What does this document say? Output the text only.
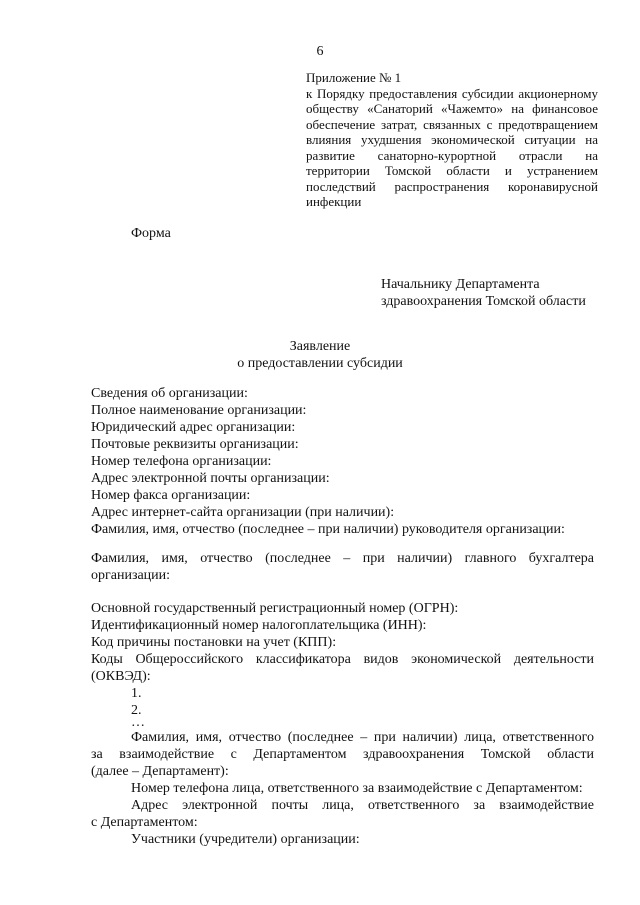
6
Приложение № 1
к Порядку предоставления субсидии акционерному обществу «Санаторий «Чажемто» на финансовое обеспечение затрат, связанных с предотвращением влияния ухудшения экономической ситуации на развитие санаторно-курортной отрасли на территории Томской области и устранением последствий распространения коронавирусной инфекции
Форма
Начальнику Департамента
здравоохранения Томской области
Заявление
о предоставлении субсидии
Сведения об организации:
Полное наименование организации:
Юридический адрес организации:
Почтовые реквизиты организации:
Номер телефона организации:
Адрес электронной почты организации:
Номер факса организации:
Адрес интернет-сайта организации (при наличии):
Фамилия, имя, отчество (последнее – при наличии) руководителя организации:
Фамилия, имя, отчество (последнее – при наличии) главного бухгалтера
организации:
Основной государственный регистрационный номер (ОГРН):
Идентификационный номер налогоплательщика (ИНН):
Код причины постановки на учет (КПП):
Коды Общероссийского классификатора видов экономической деятельности
(ОКВЭД):
1.
2.
…
Фамилия, имя, отчество (последнее – при наличии) лица, ответственного
за взаимодействие с Департаментом здравоохранения Томской области
(далее – Департамент):
Номер телефона лица, ответственного за взаимодействие с Департаментом:
Адрес электронной почты лица, ответственного за взаимодействие
с Департаментом:
Участники (учредители) организации:
